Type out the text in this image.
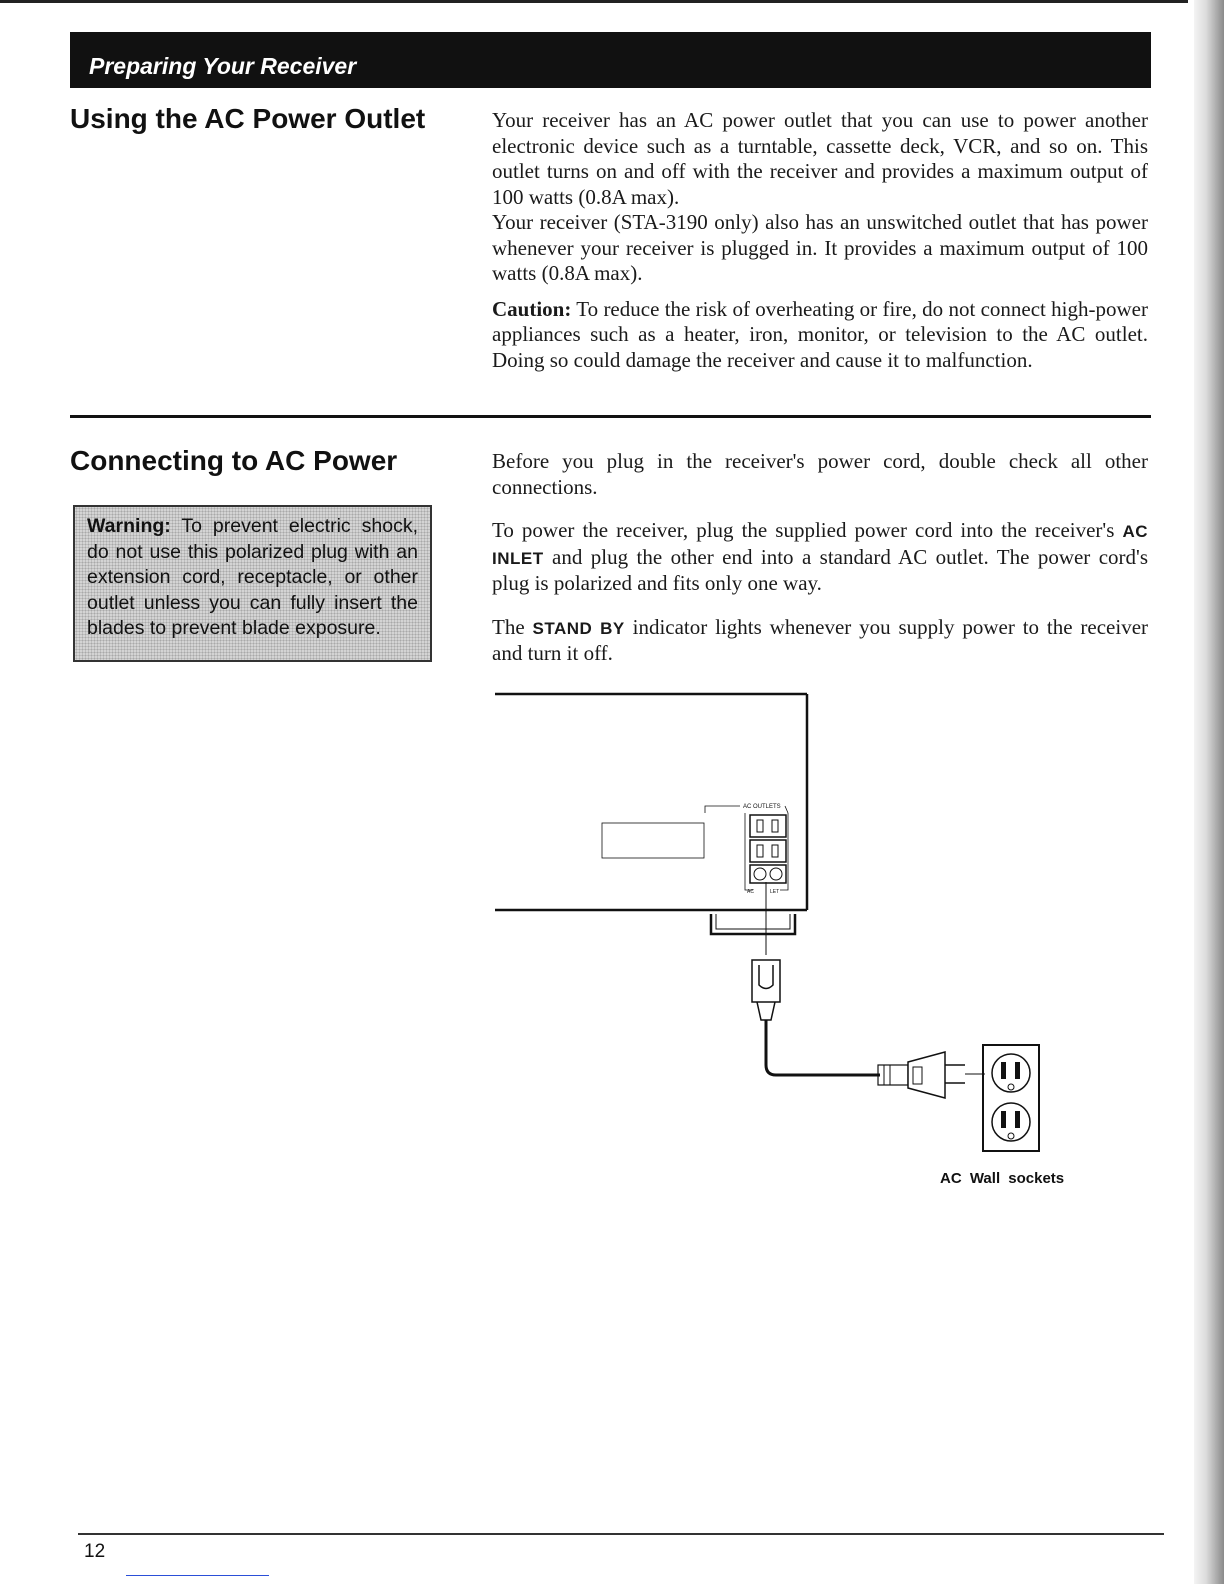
Preparing Your Receiver
Using the AC Power Outlet	Your receiver has an AC power outlet that you can use to power another electronic device such as a turntable, cassette deck, VCR, and so on. This outlet turns on and off with the receiver and provides a maximum output of 100 watts (0.8A max).

Your receiver (STA-3190 only) also has an unswitched outlet that has power whenever your receiver is plugged in. It provides a maximum output of 100 watts (0.8A max).

Caution: To reduce the risk of overheating or fire, do not connect high-power appliances such as a heater, iron, monitor, or television to the AC outlet. Doing so could damage the receiver and cause it to malfunction.

Connecting to AC Power
Warning: To prevent electric shock, do not use this polarized plug with an extension cord, receptacle, or other outlet unless you can fully insert the blades to prevent blade exposure.

Before you plug in the receiver's power cord, double check all other connections.

To power the receiver, plug the supplied power cord into the receiver's AC INLET and plug the other end into a standard AC outlet. The power cord's plug is polarized and fits only one way.

The STAND BY indicator lights whenever you supply power to the receiver and turn it off.

AC OUTLETS
AC	LET
AC Wall sockets
12
